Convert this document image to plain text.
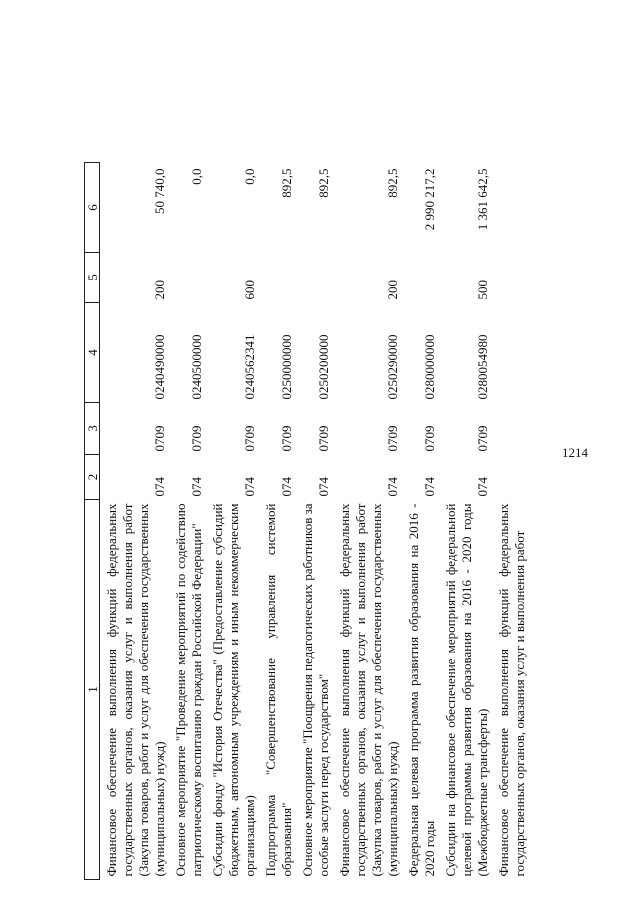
1214
1	2	3	4	5	6
Финансовое обеспечение выполнения функций федеральных государственных органов, оказания услуг и выполнения работ (Закупка товаров, работ и услуг для обеспечения государственных (муниципальных) нужд)	074	0709	0240490000	200	50 740,0
Основное мероприятие "Проведение мероприятий по содействию патриотическому воспитанию граждан Российской Федерации"	074	0709	0240500000		0,0
Субсидии фонду "История Отечества" (Предоставление субсидий бюджетным, автономным учреждениям и иным некоммерческим организациям)	074	0709	0240562341	600	0,0
Подпрограмма "Совершенствование управления системой образования"	074	0709	0250000000		892,5
Основное мероприятие "Поощрения педагогических работников за особые заслуги перед государством"	074	0709	0250200000		892,5
Финансовое обеспечение выполнения функций федеральных государственных органов, оказания услуг и выполнения работ (Закупка товаров, работ и услуг для обеспечения государственных (муниципальных) нужд)	074	0709	0250290000	200	892,5
Федеральная целевая программа развития образования на 2016 - 2020 годы	074	0709	0280000000		2 990 217,2
Субсидии на финансовое обеспечение мероприятий федеральной целевой программы развития образования на 2016 - 2020 годы (Межбюджетные трансферты)	074	0709	0280054980	500	1 361 642,5
Финансовое обеспечение выполнения функций федеральных государственных органов, оказания услуг и выполнения работ					
